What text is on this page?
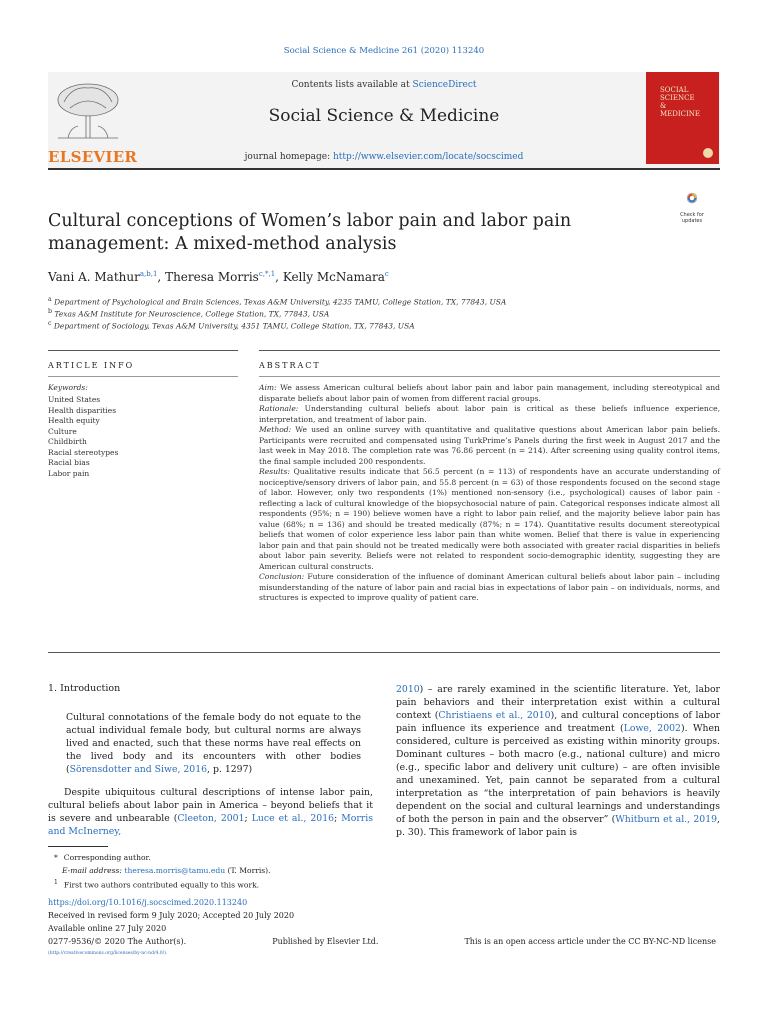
Social Science & Medicine 261 (2020) 113240
ELSEVIER
Contents lists available at ScienceDirect
Social Science & Medicine
journal homepage: http://www.elsevier.com/locate/socscimed
SOCIAL
SCIENCE
&
MEDICINE
Cultural conceptions of Women’s labor pain and labor pain management: A mixed-method analysis
Check for updates
Vani A. Mathur$^{a,b,1}$, Theresa Morris$^{c,*,1}$, Kelly McNamara$^c$
$^a$ Department of Psychological and Brain Sciences, Texas A&M University, 4235 TAMU, College Station, TX, 77843, USA
$^b$ Texas A&M Institute for Neuroscience, College Station, TX, 77843, USA
$^c$ Department of Sociology, Texas A&M University, 4351 TAMU, College Station, TX, 77843, USA
ARTICLE INFO	ABSTRACT
Keywords:
United States
Health disparities
Health equity
Culture
Childbirth
Racial stereotypes
Racial bias
Labor pain

Aim: We assess American cultural beliefs about labor pain and labor pain management, including stereotypical and disparate beliefs about labor pain of women from different racial groups.

Rationale: Understanding cultural beliefs about labor pain is critical as these beliefs influence experience, interpretation, and treatment of labor pain.

Method: We used an online survey with quantitative and qualitative questions about American labor pain beliefs. Participants were recruited and compensated using TurkPrime’s Panels during the first week in August 2017 and the last week in May 2018. The completion rate was 76.86 percent (n = 214). After screening using quality control items, the final sample included 200 respondents.

Results: Qualitative results indicate that 56.5 percent (n = 113) of respondents have an accurate understanding of nociceptive/sensory drivers of labor pain, and 55.8 percent (n = 63) of those respondents focused on the second stage of labor. However, only two respondents (1%) mentioned non-sensory (i.e., psychological) causes of labor pain - reflecting a lack of cultural knowledge of the biopsychosocial nature of pain. Categorical responses indicate almost all respondents (95%; n = 190) believe women have a right to labor pain relief, and the majority believe labor pain has value (68%; n = 136) and should be treated medically (87%; n = 174). Quantitative results document stereotypical beliefs that women of color experience less labor pain than white women. Belief that there is value in experiencing labor pain and that pain should not be treated medically were both associated with greater racial disparities in beliefs about labor pain severity. Beliefs were not related to respondent socio-demographic identity, suggesting they are American cultural constructs.

Conclusion: Future consideration of the influence of dominant American cultural beliefs about labor pain – including misunderstanding of the nature of labor pain and racial bias in expectations of labor pain – on individuals, norms, and structures is expected to improve quality of patient care.

1. Introduction

Cultural connotations of the female body do not equate to the actual individual female body, but cultural norms are always lived and enacted, such that these norms have real effects on the lived body and its encounters with other bodies (Sörensdotter and Siwe, 2016, p. 1297)

Despite ubiquitous cultural descriptions of intense labor pain, cultural beliefs about labor pain in America – beyond beliefs that it is severe and unbearable (Cleeton, 2001; Luce et al., 2016; Morris and McInerney,

2010) – are rarely examined in the scientific literature. Yet, labor pain behaviors and their interpretation exist within a cultural context (Christiaens et al., 2010), and cultural conceptions of labor pain influence its experience and treatment (Lowe, 2002). When considered, culture is perceived as existing within minority groups. Dominant cultures – both macro (e.g., national culture) and micro (e.g., specific labor and delivery unit culture) – are often invisible and unexamined. Yet, pain cannot be separated from a cultural interpretation as “the interpretation of pain behaviors is heavily dependent on the social and cultural learnings and understandings of both the person in pain and the observer” (Whitburn et al., 2019, p. 30). This framework of labor pain is

* Corresponding author.
E-mail address: theresa.morris@tamu.edu (T. Morris).
$^1$ First two authors contributed equally to this work.
https://doi.org/10.1016/j.socscimed.2020.113240
Received in revised form 9 July 2020; Accepted 20 July 2020
Available online 27 July 2020
0277-9536/© 2020 The Author(s).	Published by Elsevier Ltd.	This is an open access article under the CC BY-NC-ND license
(http://creativecommons.org/licenses/by-nc-nd/4.0/).
